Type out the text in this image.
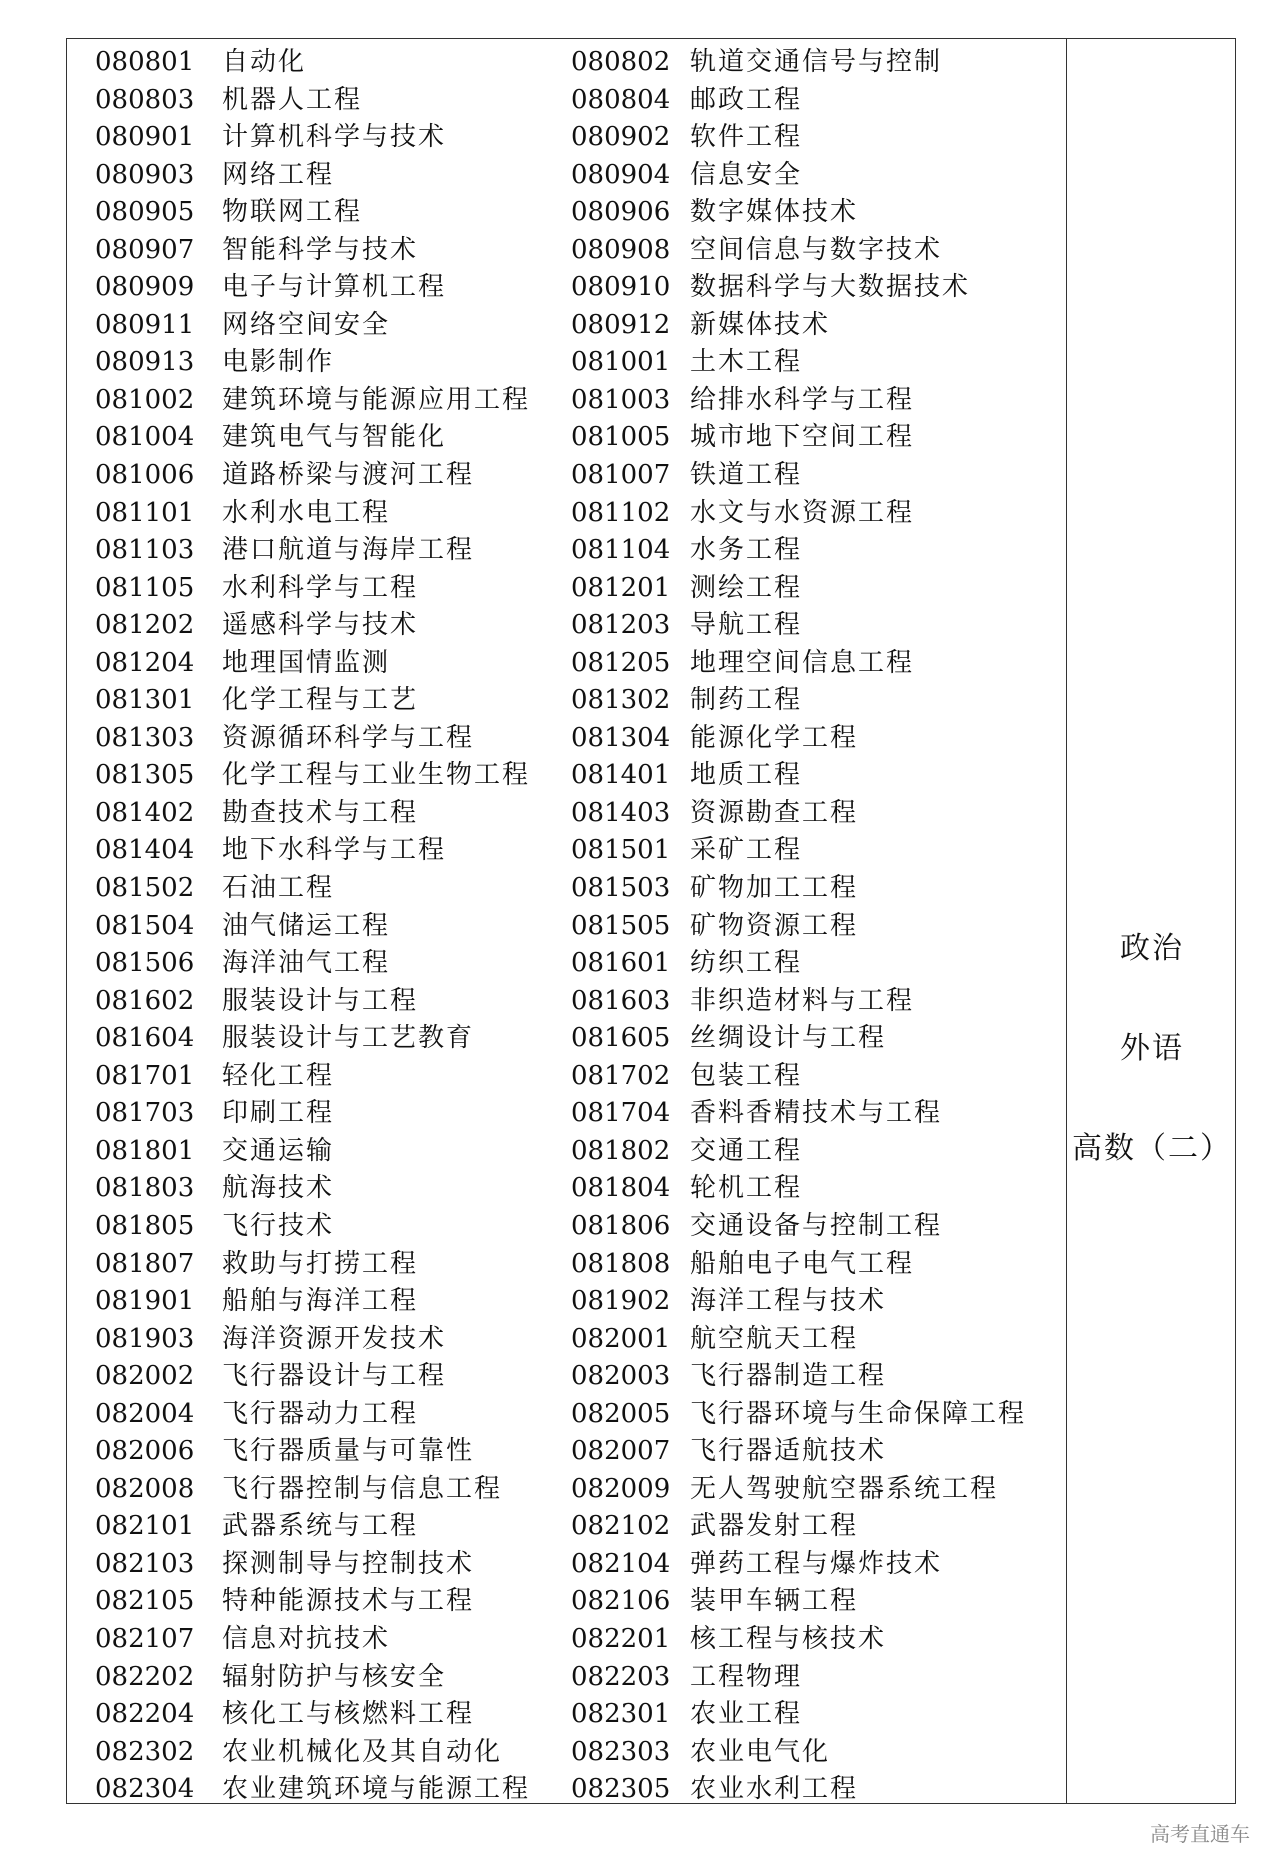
080801 自动化	080802 轨道交通信号与控制
080803 机器人工程	080804 邮政工程
080901 计算机科学与技术	080902 软件工程
080903 网络工程	080904 信息安全
080905 物联网工程	080906 数字媒体技术
080907 智能科学与技术	080908 空间信息与数字技术
080909 电子与计算机工程	080910 数据科学与大数据技术
080911 网络空间安全	080912 新媒体技术
080913 电影制作	081001 土木工程
081002 建筑环境与能源应用工程 081003 给排水科学与工程
081004 建筑电气与智能化	081005 城市地下空间工程
081006 道路桥梁与渡河工程	081007 铁道工程
081101 水利水电工程	081102 水文与水资源工程
081103 港口航道与海岸工程	081104 水务工程
081105 水利科学与工程	081201 测绘工程
081202 遥感科学与技术	081203 导航工程
081204 地理国情监测	081205 地理空间信息工程
081301 化学工程与工艺	081302 制药工程
081303 资源循环科学与工程	081304 能源化学工程
081305 化学工程与工业生物工程 081401 地质工程
081402 勘查技术与工程	081403 资源勘查工程
081404 地下水科学与工程	081501 采矿工程
081502 石油工程	081503 矿物加工工程
081504 油气储运工程	081505 矿物资源工程
081506 海洋油气工程	081601 纺织工程
081602 服装设计与工程	081603 非织造材料与工程
081604 服装设计与工艺教育	081605 丝绸设计与工程
081701 轻化工程	081702 包装工程
081703 印刷工程	081704 香料香精技术与工程
081801 交通运输	081802 交通工程
081803 航海技术	081804 轮机工程
081805 飞行技术	081806 交通设备与控制工程
081807 救助与打捞工程	081808 船舶电子电气工程
081901 船舶与海洋工程	081902 海洋工程与技术
081903 海洋资源开发技术	082001 航空航天工程
082002 飞行器设计与工程	082003 飞行器制造工程
082004 飞行器动力工程	082005 飞行器环境与生命保障工程
082006 飞行器质量与可靠性	082007 飞行器适航技术
082008 飞行器控制与信息工程	082009 无人驾驶航空器系统工程
082101 武器系统与工程	082102 武器发射工程
082103 探测制导与控制技术	082104 弹药工程与爆炸技术
082105 特种能源技术与工程	082106 装甲车辆工程
082107 信息对抗技术	082201 核工程与核技术
082202 辐射防护与核安全	082203 工程物理
082204 核化工与核燃料工程	082301 农业工程
082302 农业机械化及其自动化	082303 农业电气化
082304 农业建筑环境与能源工程 082305 农业水利工程
政治
外语
高数（二）
高考直通车
